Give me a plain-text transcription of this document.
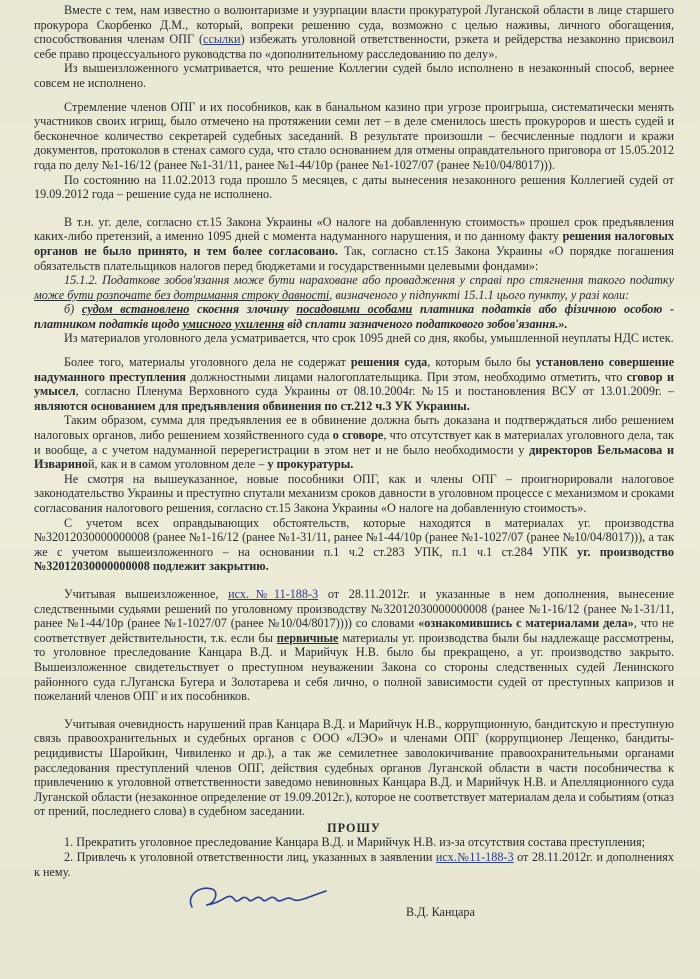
Вместе с тем, нам известно о волюнтаризме и узурпации власти прокуратурой Луганской области в лице старшего прокурора Скорбенко Д.М., который, вопреки решению суда, возможно с целью наживы, личного обогащения, способствования членам ОПГ (ссылки) избежать уголовной ответственности, рэкета и рейдерства незаконно присвоил себе право процессуального руководства по «дополнительному расследованию по делу».

Из вышеизложенного усматривается, что решение Коллегии судей было исполнено в незаконный способ, вернее совсем не исполнено.

Стремление членов ОПГ и их пособников, как в банальном казино при угрозе проигрыша, систематически менять участников своих игрищ, было отмечено на протяжении семи лет – в деле сменилось шесть прокуроров и шесть судей и бесконечное количество секретарей судебных заседаний. В результате произошли – бесчисленные подлоги и кражи документов, протоколов в стенах самого суда, что стало основанием для отмены оправдательного приговора от 15.05.2012 года по делу №1-16/12 (ранее №1-31/11, ранее №1-44/10р (ранее №1-1027/07 (ранее №10/04/8017))).

По состоянию на 11.02.2013 года прошло 5 месяцев, с даты вынесения незаконного решения Коллегией судей от 19.09.2012 года – решение суда не исполнено.

В т.н. уг. деле, согласно ст.15 Закона Украины «О налоге на добавленную стоимость» прошел срок предъявления каких-либо претензий, а именно 1095 дней с момента надуманного нарушения, и по данному факту решения налоговых органов не было принято, и тем более согласовано. Так, согласно ст.15 Закона Украины «О порядке погашения обязательств плательщиков налогов перед бюджетами и государственными целевыми фондами»:

15.1.2. Податкове зобов'язання може бути нараховане або провадження у справі про стягнення такого податку може бути розпочате без дотримання строку давності, визначеного у підпункті 15.1.1 цього пункту, у разі коли:

б) судом встановлено скоєння злочину посадовими особами платника податків або фізичною особою - платником податків щодо умисного ухилення від сплати зазначеного податкового зобов'язання.».

Из материалов уголовного дела усматривается, что срок 1095 дней со дня, якобы, умышленной неуплаты НДС истек.

Более того, материалы уголовного дела не содержат решения суда, которым было бы установлено совершение надуманного преступления должностными лицами налогоплательщика. При этом, необходимо отметить, что сговор и умысел, согласно Пленума Верховного суда Украины от 08.10.2004г. №15 и постановления ВСУ от 13.01.2009г. – являются основанием для предъявления обвинения по ст.212 ч.3 УК Украины.

Таким образом, сумма для предъявления ее в обвинение должна быть доказана и подтверждаться либо решением налоговых органов, либо решением хозяйственного суда о сговоре, что отсутствует как в материалах уголовного дела, так и вообще, а с учетом надуманной перерегистрации в этом нет и не было необходимости у директоров Бельмасова и Извариной, как и в самом уголовном деле – у прокуратуры.

Не смотря на вышеуказанное, новые пособники ОПГ, как и члены ОПГ – проигнорировали налоговое законодательство Украины и преступно спутали механизм сроков давности в уголовном процессе с механизмом и сроками согласования налогового решения, согласно ст.15 Закона Украины «О налоге на добавленную стоимость».

С учетом всех оправдывающих обстоятельств, которые находятся в материалах уг. производства №32012030000000008 (ранее №1-16/12 (ранее №1-31/11, ранее №1-44/10р (ранее №1-1027/07 (ранее №10/04/8017))), а так же с учетом вышеизложенного – на основании п.1 ч.2 ст.283 УПК, п.1 ч.1 ст.284 УПК уг. производство №32012030000000008 подлежит закрытию.

Учитывая вышеизложенное, исх.№11-188-3 от 28.11.2012г. и указанные в нем дополнения, вынесение следственными судьями решений по уголовному производству №32012030000000008 (ранее №1-16/12 (ранее №1-31/11, ранее №1-44/10р (ранее №1-1027/07 (ранее №10/04/8017)))) со словами «ознакомившись с материалами дела», что не соответствует действительности, т.к. если бы первичные материалы уг. производства были бы надлежаще рассмотрены, то уголовное преследование Канцара В.Д. и Марийчук Н.В. было бы прекращено, а уг. производство закрыто. Вышеизложенное свидетельствует о преступном неуважении Закона со стороны следственных судей Ленинского районного суда г.Луганска Бугера и Золотарева и себя лично, о полной зависимости судей от преступных капризов и пожеланий членов ОПГ и их пособников.

Учитывая очевидность нарушений прав Канцара В.Д. и Марийчук Н.В., коррупционную, бандитскую и преступную связь правоохранительных и судебных органов с ООО «ЛЭО» и членами ОПГ (коррупционер Лещенко, бандиты-рецидивисты Шаройкин, Чивиленко и др.), а так же семилетнее заволокичивание правоохранительными органами расследования преступлений членов ОПГ, действия судебных органов Луганской области в части пособничества к привлечению к уголовной ответственности заведомо невиновных Канцара В.Д. и Марийчук Н.В. и Апелляционного суда Луганской области (незаконное определение от 19.09.2012г.), которое не соответствует материалам дела и событиям (отказ от прений, последнего слова) в судебном заседании.

ПРОШУ

1. Прекратить уголовное преследование Канцара В.Д. и Марийчук Н.В. из-за отсутствия состава преступления;

2. Привлечь к уголовной ответственности лиц, указанных в заявлении исх.№11-188-3 от 28.11.2012г. и дополнениях к нему.

В.Д. Канцара
